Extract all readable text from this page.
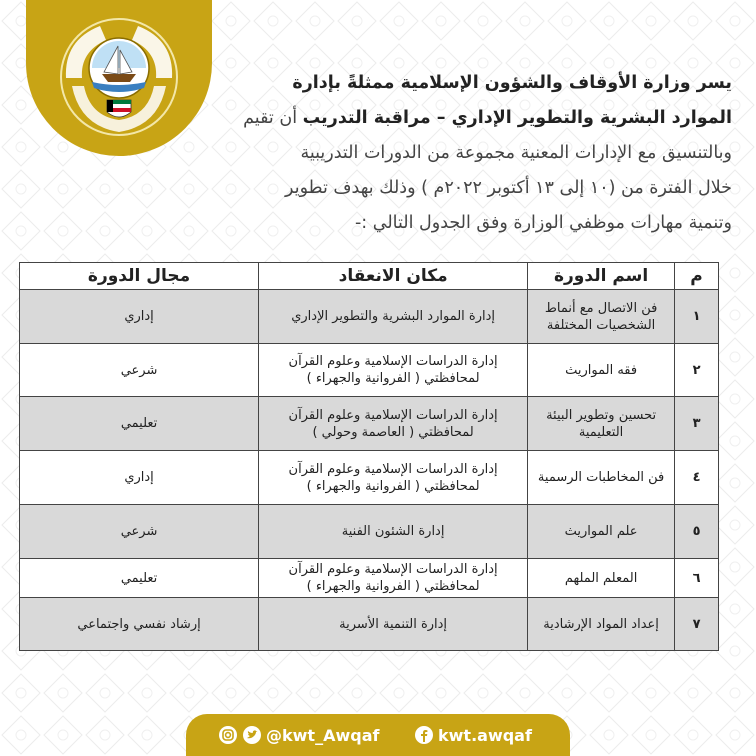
يسر وزارة الأوقاف والشؤون الإسلامية ممثلةً بإدارة
الموارد البشرية والتطوير الإداري – مراقبة التدريب أن تقيم
وبالتنسيق مع الإدارات المعنية مجموعة من الدورات التدريبية
خلال الفترة من (١٠ إلى ١٣ أكتوبر ٢٠٢٢م ) وذلك بهدف تطوير
وتنمية مهارات موظفي الوزارة وفق الجدول التالي :-

م	اسم الدورة	مكان الانعقاد	مجال الدورة
١	فن الاتصال مع أنماط الشخصيات المختلفة	إدارة الموارد البشرية والتطوير الإداري	إداري
٢	فقه المواريث	إدارة الدراسات الإسلامية وعلوم القرآن لمحافظتي ( الفروانية والجهراء )	شرعي
٣	تحسين وتطوير البيئة التعليمية	إدارة الدراسات الإسلامية وعلوم القرآن لمحافظتي ( العاصمة وحولي )	تعليمي
٤	فن المخاطبات الرسمية	إدارة الدراسات الإسلامية وعلوم القرآن لمحافظتي ( الفروانية والجهراء )	إداري
٥	علم المواريث	إدارة الشئون الفنية	شرعي
٦	المعلم الملهم	إدارة الدراسات الإسلامية وعلوم القرآن لمحافظتي ( الفروانية والجهراء )	تعليمي
٧	إعداد المواد الإرشادية	إدارة التنمية الأسرية	إرشاد نفسي واجتماعي
@kwt_Awqaf	kwt.awqaf
